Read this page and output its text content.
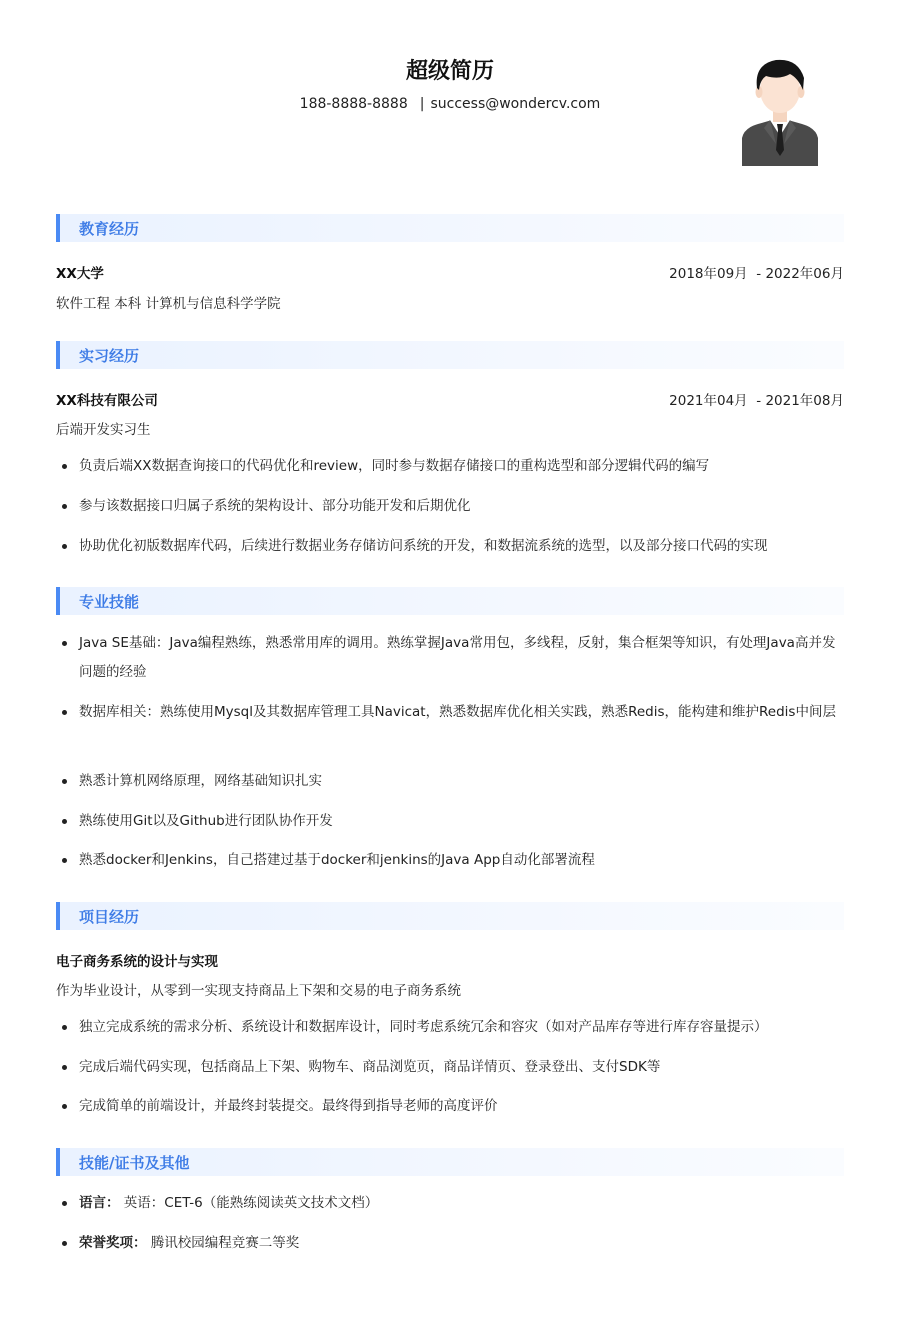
超级简历
188-8888-8888 | success@wondercv.com
教育经历
XX大学	2018年09月 - 2022年06月
软件工程 本科 计算机与信息科学学院
实习经历
XX科技有限公司	2021年04月 - 2021年08月
后端开发实习生
负责后端XX数据查询接口的代码优化和review，同时参与数据存储接口的重构选型和部分逻辑代码的编写
参与该数据接口归属子系统的架构设计、部分功能开发和后期优化
协助优化初版数据库代码，后续进行数据业务存储访问系统的开发，和数据流系统的选型，以及部分接口代码的实现
专业技能
Java SE基础：Java编程熟练，熟悉常用库的调用。熟练掌握Java常用包，多线程，反射，集合框架等知识，有处理Java高并发问题的经验
数据库相关：熟练使用Mysql及其数据库管理工具Navicat，熟悉数据库优化相关实践，熟悉Redis，能构建和维护Redis中间层
熟悉计算机网络原理，网络基础知识扎实
熟练使用Git以及Github进行团队协作开发
熟悉docker和Jenkins，自己搭建过基于docker和jenkins的Java App自动化部署流程
项目经历
电子商务系统的设计与实现
作为毕业设计，从零到一实现支持商品上下架和交易的电子商务系统
独立完成系统的需求分析、系统设计和数据库设计，同时考虑系统冗余和容灾（如对产品库存等进行库存容量提示）
完成后端代码实现，包括商品上下架、购物车、商品浏览页，商品详情页、登录登出、支付SDK等
完成简单的前端设计，并最终封装提交。最终得到指导老师的高度评价
技能/证书及其他
语言： 英语：CET-6（能熟练阅读英文技术文档）
荣誉奖项： 腾讯校园编程竞赛二等奖
